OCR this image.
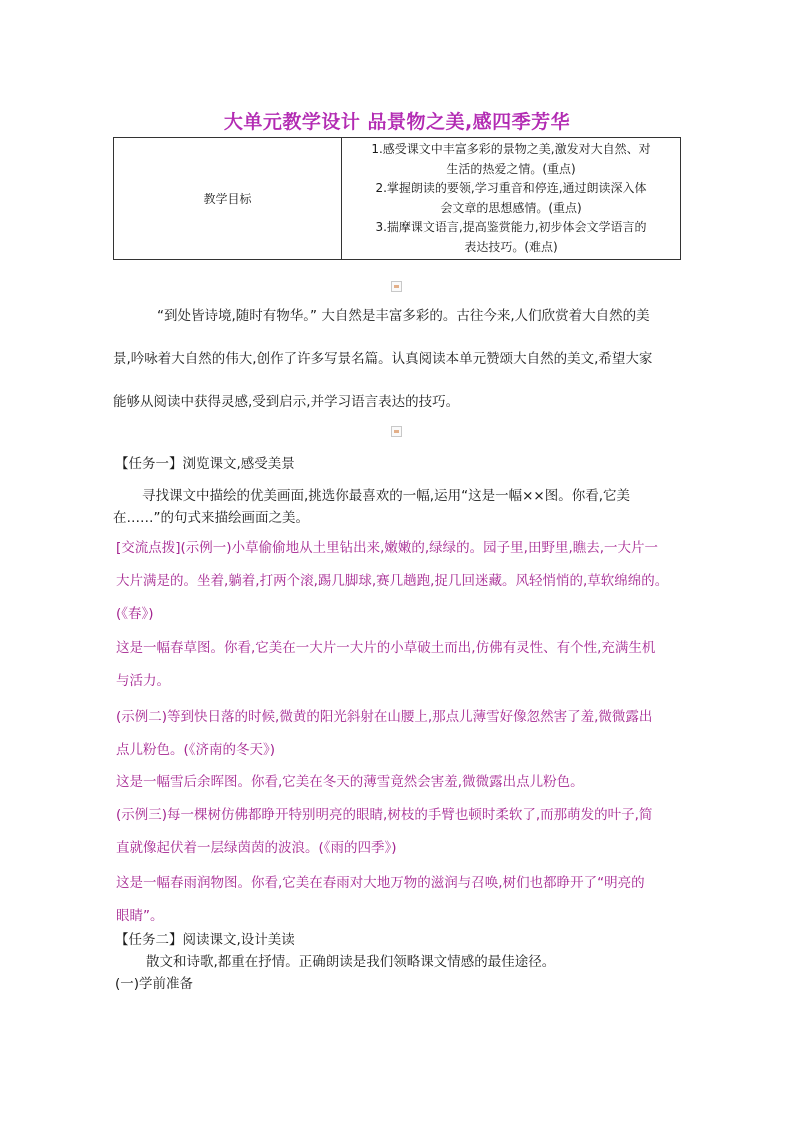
大单元教学设计 品景物之美,感四季芳华
教学目标	
1.感受课文中丰富多彩的景物之美,激发对大自然、对
生活的热爱之情。(重点)
2.掌握朗读的要领,学习重音和停连,通过朗读深入体
会文章的思想感情。(重点)
3.揣摩课文语言,提高鉴赏能力,初步体会文学语言的
表达技巧。(难点)
“到处皆诗境,随时有物华。” 大自然是丰富多彩的。古往今来,人们欣赏着大自然的美
景,吟咏着大自然的伟大,创作了许多写景名篇。认真阅读本单元赞颂大自然的美文,希望大家
能够从阅读中获得灵感,受到启示,并学习语言表达的技巧。
【任务一】浏览课文,感受美景
寻找课文中描绘的优美画面,挑选你最喜欢的一幅,运用“这是一幅××图。你看,它美
在……”的句式来描绘画面之美。
[交流点拨](示例一)小草偷偷地从土里钻出来,嫩嫩的,绿绿的。园子里,田野里,瞧去,一大片一
大片满是的。坐着,躺着,打两个滚,踢几脚球,赛几趟跑,捉几回迷藏。风轻悄悄的,草软绵绵的。
(《春》)
这是一幅春草图。你看,它美在一大片一大片的小草破土而出,仿佛有灵性、有个性,充满生机
与活力。
(示例二)等到快日落的时候,微黄的阳光斜射在山腰上,那点儿薄雪好像忽然害了羞,微微露出
点儿粉色。(《济南的冬天》)
这是一幅雪后余晖图。你看,它美在冬天的薄雪竟然会害羞,微微露出点儿粉色。
(示例三)每一棵树仿佛都睁开特别明亮的眼睛,树枝的手臂也顿时柔软了,而那萌发的叶子,简
直就像起伏着一层绿茵茵的波浪。(《雨的四季》)
这是一幅春雨润物图。你看,它美在春雨对大地万物的滋润与召唤,树们也都睁开了“明亮的
眼睛”。
【任务二】阅读课文,设计美读
散文和诗歌,都重在抒情。正确朗读是我们领略课文情感的最佳途径。
(一)学前准备
